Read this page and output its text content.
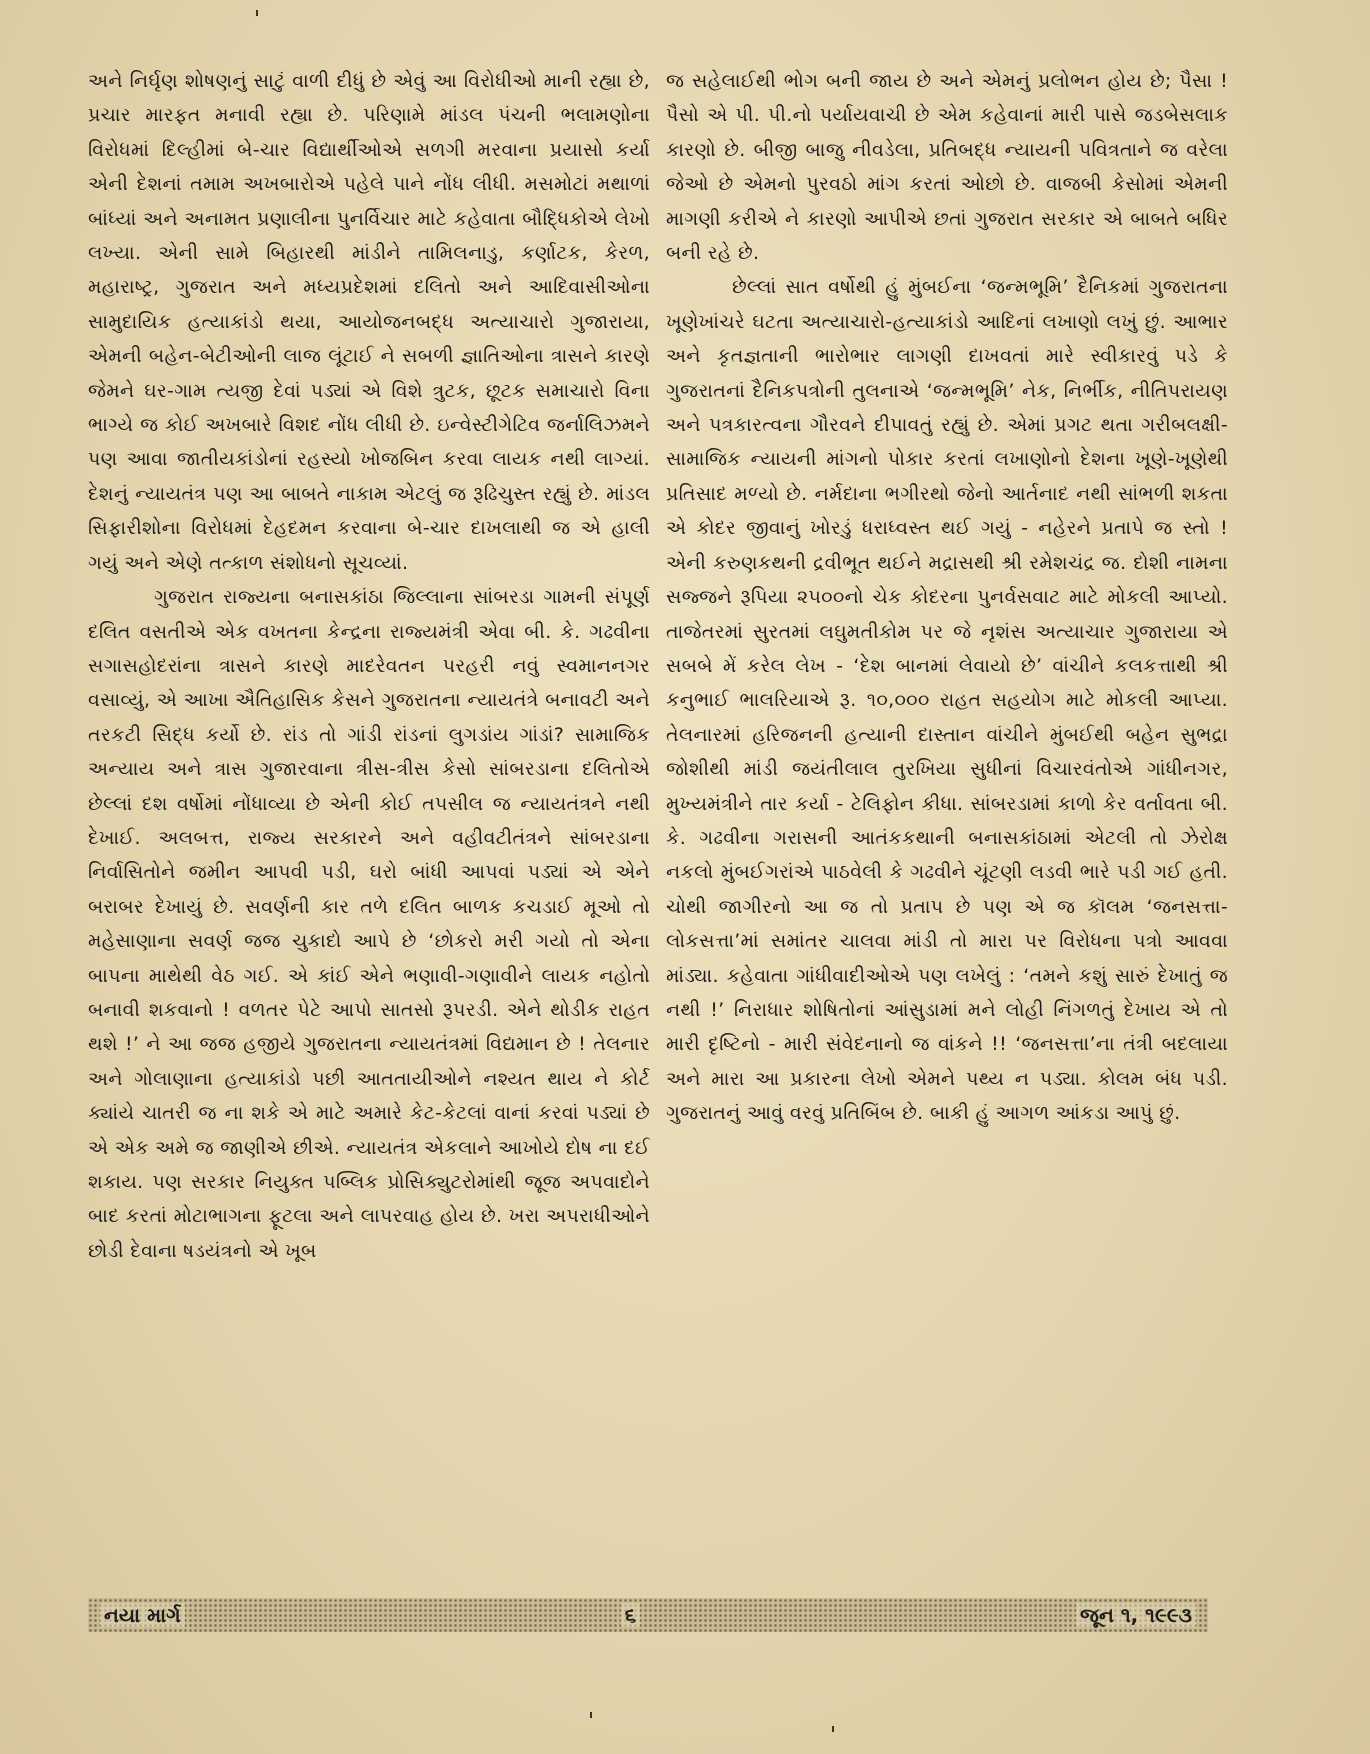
અને નિર્ઘૃણ શોષણનું સાટું વાળી દીધું છે એવું આ વિરોધીઓ માની રહ્યા છે, પ્રચાર મારફત મનાવી રહ્યા છે. પરિણામે માંડલ પંચની ભલામણોના વિરોધમાં દિલ્હીમાં બે-ચાર વિદ્યાર્થીઓએ સળગી મરવાના પ્રયાસો કર્યા એની દેશનાં તમામ અખબારોએ પહેલે પાને નોંધ લીધી. મસમોટાં મથાળાં બાંધ્યાં અને અનામત પ્રણાલીના પુનર્વિચાર માટે કહેવાતા બૌદ્ધિકોએ લેખો લખ્યા. એની સામે બિહારથી માંડીને તામિલનાડુ, કર્ણાટક, કેરળ, મહારાષ્ટ્ર, ગુજરાત અને મધ્યપ્રદેશમાં દલિતો અને આદિવાસીઓના સામુદાયિક હત્યાકાંડો થયા, આયોજનબદ્ધ અત્યાચારો ગુજારાયા, એમની બહેન-બેટીઓની લાજ લૂંટાઈ ને સબળી જ્ઞાતિઓના ત્રાસને કારણે જેમને ઘર-ગામ ત્યજી દેવાં પડ્યાં એ વિશે ત્રુટક, છૂટક સમાચારો વિના ભાગ્યે જ કોઈ અખબારે વિશદ નોંધ લીધી છે. ઇન્વેસ્ટીગેટિવ જર્નાલિઝમને પણ આવા જાતીયકાંડોનાં રહસ્યો ખોજબિન કરવા લાયક નથી લાગ્યાં. દેશનું ન્યાયતંત્ર પણ આ બાબતે નાકામ એટલું જ રૂઢિચુસ્ત રહ્યું છે. માંડલ સિફારીશોના વિરોધમાં દેહદમન કરવાના બે-ચાર દાખલાથી જ એ હાલી ગયું અને એણે તત્કાળ સંશોધનો સૂચવ્યાં.

ગુજરાત રાજ્યના બનાસકાંઠા જિલ્લાના સાંબરડા ગામની સંપૂર્ણ દલિત વસતીએ એક વખતના કેન્દ્રના રાજ્યમંત્રી એવા બી. કે. ગઢવીના સગાસહોદરાંના ત્રાસને કારણે માદરેવતન પરહરી નવું સ્વમાનનગર વસાવ્યું, એ આખા ઐતિહાસિક કેસને ગુજરાતના ન્યાયતંત્રે બનાવટી અને તરકટી સિદ્ધ કર્યો છે. રાંડ તો ગાંડી રાંડનાં લુગડાંય ગાંડાં? સામાજિક અન્યાય અને ત્રાસ ગુજારવાના ત્રીસ-ત્રીસ કેસો સાંબરડાના દલિતોએ છેલ્લાં દશ વર્ષોમાં નોંધાવ્યા છે એની કોઈ તપસીલ જ ન્યાયતંત્રને નથી દેખાઈ. અલબત્ત, રાજ્ય સરકારને અને વહીવટીતંત્રને સાંબરડાના નિર્વાસિતોને જમીન આપવી પડી, ઘરો બાંધી આપવાં પડ્યાં એ એને બરાબર દેખાયું છે. સવર્ણની કાર તળે દલિત બાળક કચડાઈ મૂઓ તો મહેસાણાના સવર્ણ જજ ચુકાદો આપે છે ‘છોકરો મરી ગયો તો એના બાપના માથેથી વેઠ ગઈ. એ કાંઈ એને ભણાવી-ગણાવીને લાયક નહોતો બનાવી શકવાનો ! વળતર પેટે આપો સાતસો રૂપરડી. એને થોડીક રાહત થશે !’ ને આ જજ હજીયે ગુજરાતના ન્યાયતંત્રમાં વિદ્યમાન છે ! તેલનાર અને ગોલાણાના હત્યાકાંડો પછી આતતાયીઓને નશ્યત થાય ને કોર્ટ ક્યાંયે ચાતરી જ ના શકે એ માટે અમારે કેટ-કેટલાં વાનાં કરવાં પડ્યાં છે એ એક અમે જ જાણીએ છીએ. ન્યાયતંત્ર એકલાને આખોયે દોષ ના દઈ શકાય. પણ સરકાર નિયુક્ત પબ્લિક પ્રોસિક્યુટરોમાંથી જૂજ અપવાદોને બાદ કરતાં મોટાભાગના ફૂટલા અને લાપરવાહ હોય છે. ખરા અપરાધીઓને છોડી દેવાના ષડયંત્રનો એ ખૂબ

જ સહેલાઈથી ભોગ બની જાય છે અને એમનું પ્રલોભન હોય છે; પૈસા ! પૈસો એ પી. પી.નો પર્યાયવાચી છે એમ કહેવાનાં મારી પાસે જડબેસલાક કારણો છે. બીજી બાજુ નીવડેલા, પ્રતિબદ્ધ ન્યાયની પવિત્રતાને જ વરેલા જેઓ છે એમનો પુરવઠો માંગ કરતાં ઓછો છે. વાજબી કેસોમાં એમની માગણી કરીએ ને કારણો આપીએ છતાં ગુજરાત સરકાર એ બાબતે બધિર બની રહે છે.

છેલ્લાં સાત વર્ષોથી હું મુંબઈના ‘જન્મભૂમિ’ દૈનિકમાં ગુજરાતના ખૂણેખાંચરે ઘટતા અત્યાચારો-હત્યાકાંડો આદિનાં લખાણો લખું છું. આભાર અને કૃતજ્ઞતાની ભારોભાર લાગણી દાખવતાં મારે સ્વીકારવું પડે કે ગુજરાતનાં દૈનિકપત્રોની તુલનાએ ‘જન્મભૂમિ’ નેક, નિર્ભીક, નીતિપરાયણ અને પત્રકારત્વના ગૌરવને દીપાવતું રહ્યું છે. એમાં પ્રગટ થતા ગરીબલક્ષી-સામાજિક ન્યાયની માંગનો પોકાર કરતાં લખાણોનો દેશના ખૂણે-ખૂણેથી પ્રતિસાદ મળ્યો છે. નર્મદાના ભગીરથો જેનો આર્તનાદ નથી સાંભળી શકતા એ કોદર જીવાનું ખોરડું ધરાધ્વસ્ત થઈ ગયું - નહેરને પ્રતાપે જ સ્તો ! એની કરુણકથની દ્રવીભૂત થઈને મદ્રાસથી શ્રી રમેશચંદ્ર જ. દોશી નામના સજ્જને રૂપિયા ૨૫૦૦નો ચેક કોદરના પુનર્વસવાટ માટે મોકલી આપ્યો. તાજેતરમાં સુરતમાં લઘુમતીકોમ પર જે નૃશંસ અત્યાચાર ગુજારાયા એ સબબે મેં કરેલ લેખ - ‘દેશ બાનમાં લેવાયો છે’ વાંચીને કલકત્તાથી શ્રી કનુભાઈ ભાલરિયાએ રૂ. ૧૦,૦૦૦ રાહત સહયોગ માટે મોકલી આપ્યા. તેલનારમાં હરિજનની હત્યાની દાસ્તાન વાંચીને મુંબઈથી બહેન સુભદ્રા જોશીથી માંડી જયંતીલાલ તુરખિયા સુધીનાં વિચારવંતોએ ગાંધીનગર, મુખ્યમંત્રીને તાર કર્યા - ટેલિફોન કીધા. સાંબરડામાં કાળો કેર વર્તાવતા બી. કે. ગઢવીના ગરાસની આતંકકથાની બનાસકાંઠામાં એટલી તો ઝેરોક્ષ નકલો મુંબઈગરાંએ પાઠવેલી કે ગઢવીને ચૂંટણી લડવી ભારે પડી ગઈ હતી. ચોથી જાગીરનો આ જ તો પ્રતાપ છે પણ એ જ કૉલમ ‘જનસત્તા-લોકસત્તા’માં સમાંતર ચાલવા માંડી તો મારા પર વિરોધના પત્રો આવવા માંડ્યા. કહેવાતા ગાંધીવાદીઓએ પણ લખેલું : ‘તમને કશું સારું દેખાતું જ નથી !’ નિરાધાર શોષિતોનાં આંસુડામાં મને લોહી નિંગળતું દેખાય એ તો મારી દૃષ્ટિનો - મારી સંવેદનાનો જ વાંકને !! ‘જનસત્તા’ના તંત્રી બદલાયા અને મારા આ પ્રકારના લેખો એમને પથ્ય ન પડ્યા. કોલમ બંધ પડી. ગુજરાતનું આવું વરવું પ્રતિબિંબ છે. બાકી હું આગળ આંકડા આપું છું.

નયા માર્ગ	૬	જૂન ૧, ૧૯૯૩
